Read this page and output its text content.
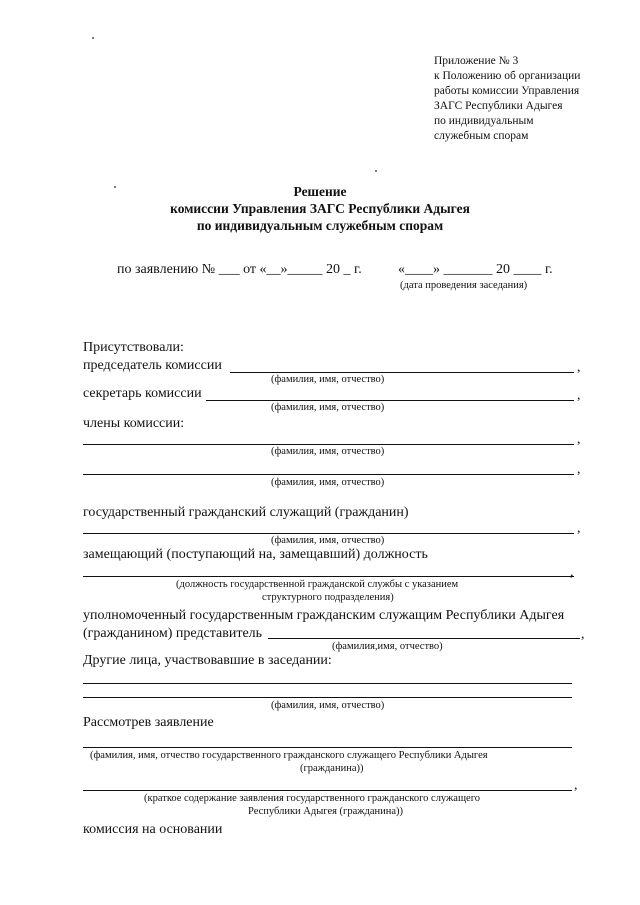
Приложение № 3
к Положению об организации
работы комиссии Управления
ЗАГС Республики Адыгея
по индивидуальным
служебным спорам
Решение
комиссии Управления ЗАГС Республики Адыгея
по индивидуальным служебным спорам
по заявлению № ___ от «__»_____ 20 _ г.	«____» _______ 20 ____ г.
(дата проведения заседания)
Присутствовали:
председатель комиссии	,
(фамилия, имя, отчество)
секретарь комиссии	,
(фамилия, имя, отчество)
члены комиссии:
,
(фамилия, имя, отчество)
,
(фамилия, имя, отчество)
государственный гражданский служащий (гражданин)
,
(фамилия, имя, отчество)
замещающий (поступающий на, замещавший) должность
,
(должность государственной гражданской службы с указанием
структурного подразделения)
уполномоченный государственным гражданским служащим Республики Адыгея
(гражданином) представитель	,
(фамилия,имя, отчество)
Другие лица, участвовавшие в заседании:
(фамилия, имя, отчество)
Рассмотрев заявление
(фамилия, имя, отчество государственного гражданского служащего Республики Адыгея
(гражданина))
,
(краткое содержание заявления государственного гражданского служащего
Республики Адыгея (гражданина))
комиссия на основании
